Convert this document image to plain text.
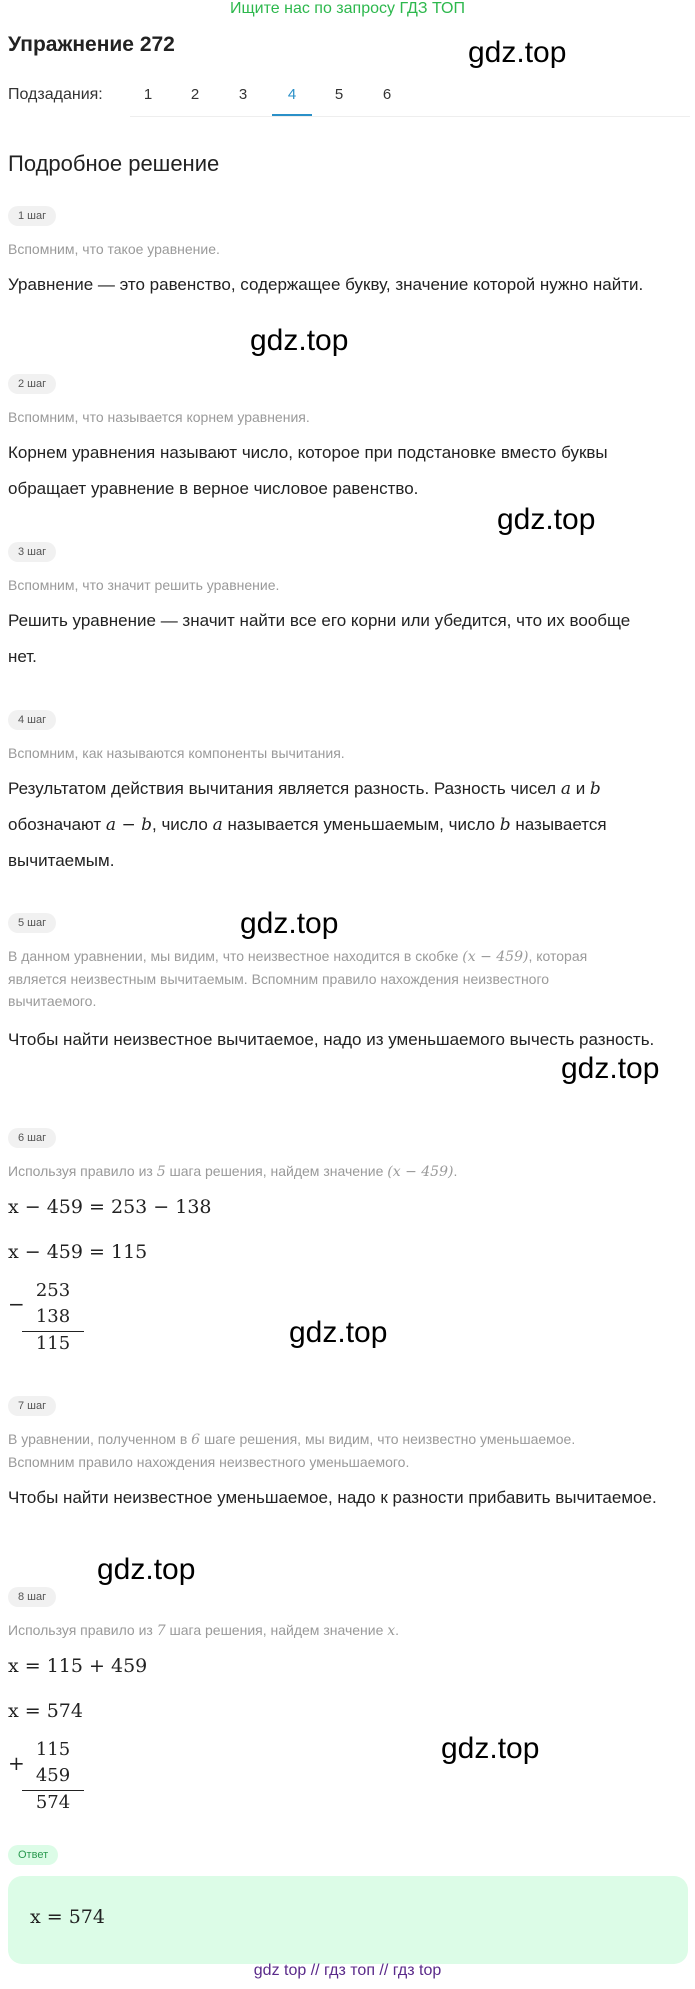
Ищите нас по запросу ГДЗ ТОП
Упражнение 272
Подзадания:	1	2	3	4	5	6
gdz.top
gdz.top
gdz.top
gdz.top
gdz.top
gdz.top
gdz.top
gdz.top
Подробное решение
1 шаг
Вспомним, что такое уравнение.
Уравнение — это равенство, содержащее букву, значение которой нужно найти.
2 шаг
Вспомним, что называется корнем уравнения.
Корнем уравнения называют число, которое при подстановке вместо буквы обращает уравнение в верное числовое равенство.
3 шаг
Вспомним, что значит решить уравнение.
Решить уравнение — значит найти все его корни или убедится, что их вообще нет.
4 шаг
Вспомним, как называются компоненты вычитания.
Результатом действия вычитания является разность. Разность чисел a и b
обозначают a − b, число a называется уменьшаемым, число b называется
вычитаемым.
5 шаг
В данном уравнении, мы видим, что неизвестное находится в скобке (x − 459), которая
является неизвестным вычитаемым. Вспомним правило нахождения неизвестного
вычитаемого.
Чтобы найти неизвестное вычитаемое, надо из уменьшаемого вычесть разность.
6 шаг
Используя правило из 5 шага решения, найдем значение (x − 459).
x − 459 = 253 − 138
x − 459 = 115
−
253
138
115
7 шаг
В уравнении, полученном в 6 шаге решения, мы видим, что неизвестно уменьшаемое.
Вспомним правило нахождения неизвестного уменьшаемого.
Чтобы найти неизвестное уменьшаемое, надо к разности прибавить вычитаемое.
8 шаг
Используя правило из 7 шага решения, найдем значение x.
x = 115 + 459
x = 574
+
115
459
574
Ответ
x = 574
gdz top // гдз топ // гдз top
